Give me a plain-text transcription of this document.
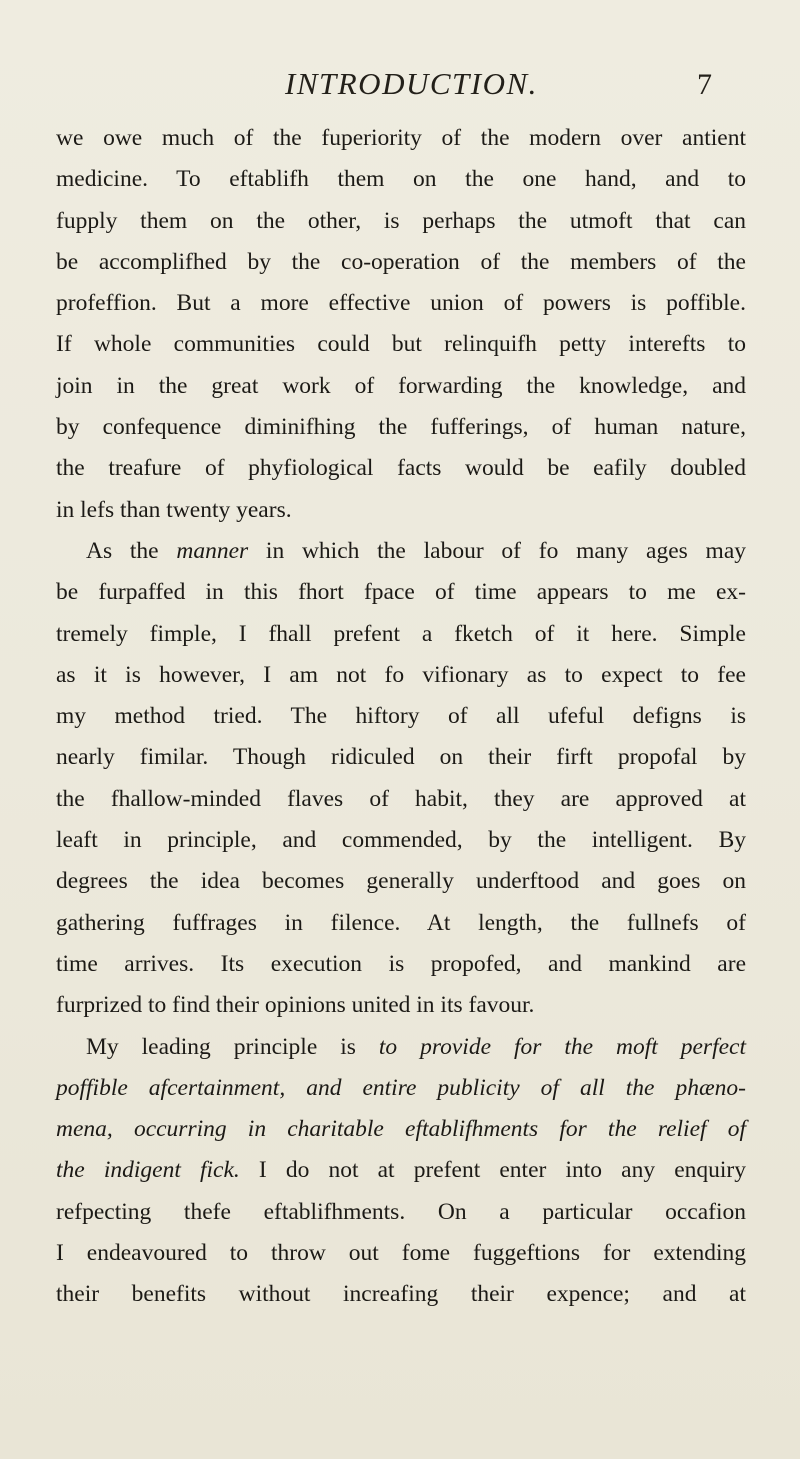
INTRODUCTION.	7
we owe much of the fuperiority of the modern over antient
medicine. To eftablifh them on the one hand, and to
fupply them on the other, is perhaps the utmoft that can
be accomplifhed by the co-operation of the members of the
profeffion. But a more effective union of powers is poffible.
If whole communities could but relinquifh petty interefts to
join in the great work of forwarding the knowledge, and
by confequence diminifhing the fufferings, of human nature,
the treafure of phyfiological facts would be eafily doubled
in lefs than twenty years.
As the manner in which the labour of fo many ages may
be furpaffed in this fhort fpace of time appears to me ex-
tremely fimple, I fhall prefent a fketch of it here. Simple
as it is however, I am not fo vifionary as to expect to fee
my method tried. The hiftory of all ufeful defigns is
nearly fimilar. Though ridiculed on their firft propofal by
the fhallow-minded flaves of habit, they are approved at
leaft in principle, and commended, by the intelligent. By
degrees the idea becomes generally underftood and goes on
gathering fuffrages in filence. At length, the fullnefs of
time arrives. Its execution is propofed, and mankind are
furprized to find their opinions united in its favour.
My leading principle is to provide for the moft perfect
poffible afcertainment, and entire publicity of all the phæno-
mena, occurring in charitable eftablifhments for the relief of
the indigent fick. I do not at prefent enter into any enquiry
refpecting thefe eftablifhments. On a particular occafion
I endeavoured to throw out fome fuggeftions for extending
their benefits without increafing their expence; and at
